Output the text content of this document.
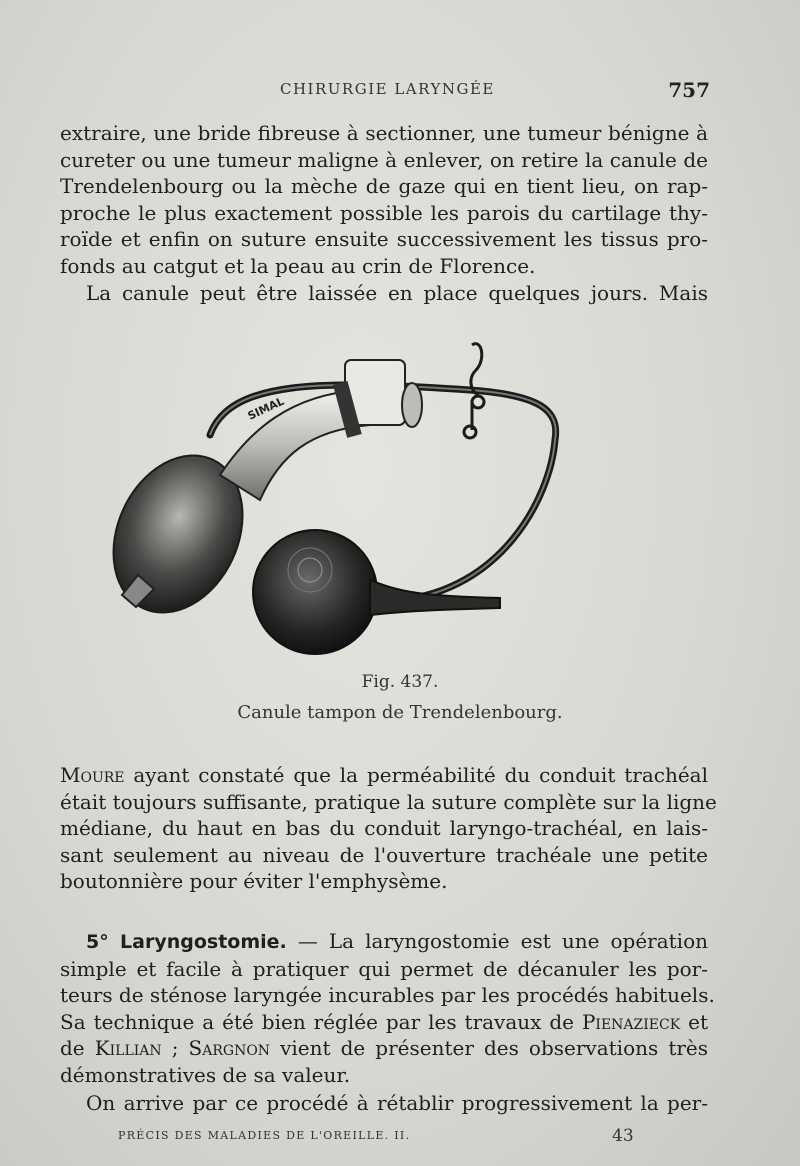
CHIRURGIE LARYNGÉE	757
extraire, une bride fibreuse à sectionner, une tumeur bénigne à
cureter ou une tumeur maligne à enlever, on retire la canule de
Trendelenbourg ou la mèche de gaze qui en tient lieu, on rap-
proche le plus exactement possible les parois du cartilage thy-
roïde et enfin on suture ensuite successivement les tissus pro-
fonds au catgut et la peau au crin de Florence.
La canule peut être laissée en place quelques jours. Mais
SIMAL
Fig. 437.
Canule tampon de Trendelenbourg.
Moure ayant constaté que la perméabilité du conduit trachéal
était toujours suffisante, pratique la suture complète sur la ligne
médiane, du haut en bas du conduit laryngo-trachéal, en lais-
sant seulement au niveau de l'ouverture trachéale une petite
boutonnière pour éviter l'emphysème.
5° Laryngostomie. — La laryngostomie est une opération
simple et facile à pratiquer qui permet de décanuler les por-
teurs de sténose laryngée incurables par les procédés habituels.
Sa technique a été bien réglée par les travaux de Pienazieck et
de Killian ; Sargnon vient de présenter des observations très
démonstratives de sa valeur.
On arrive par ce procédé à rétablir progressivement la per-
PRÉCIS DES MALADIES DE L'OREILLE. II.	43
